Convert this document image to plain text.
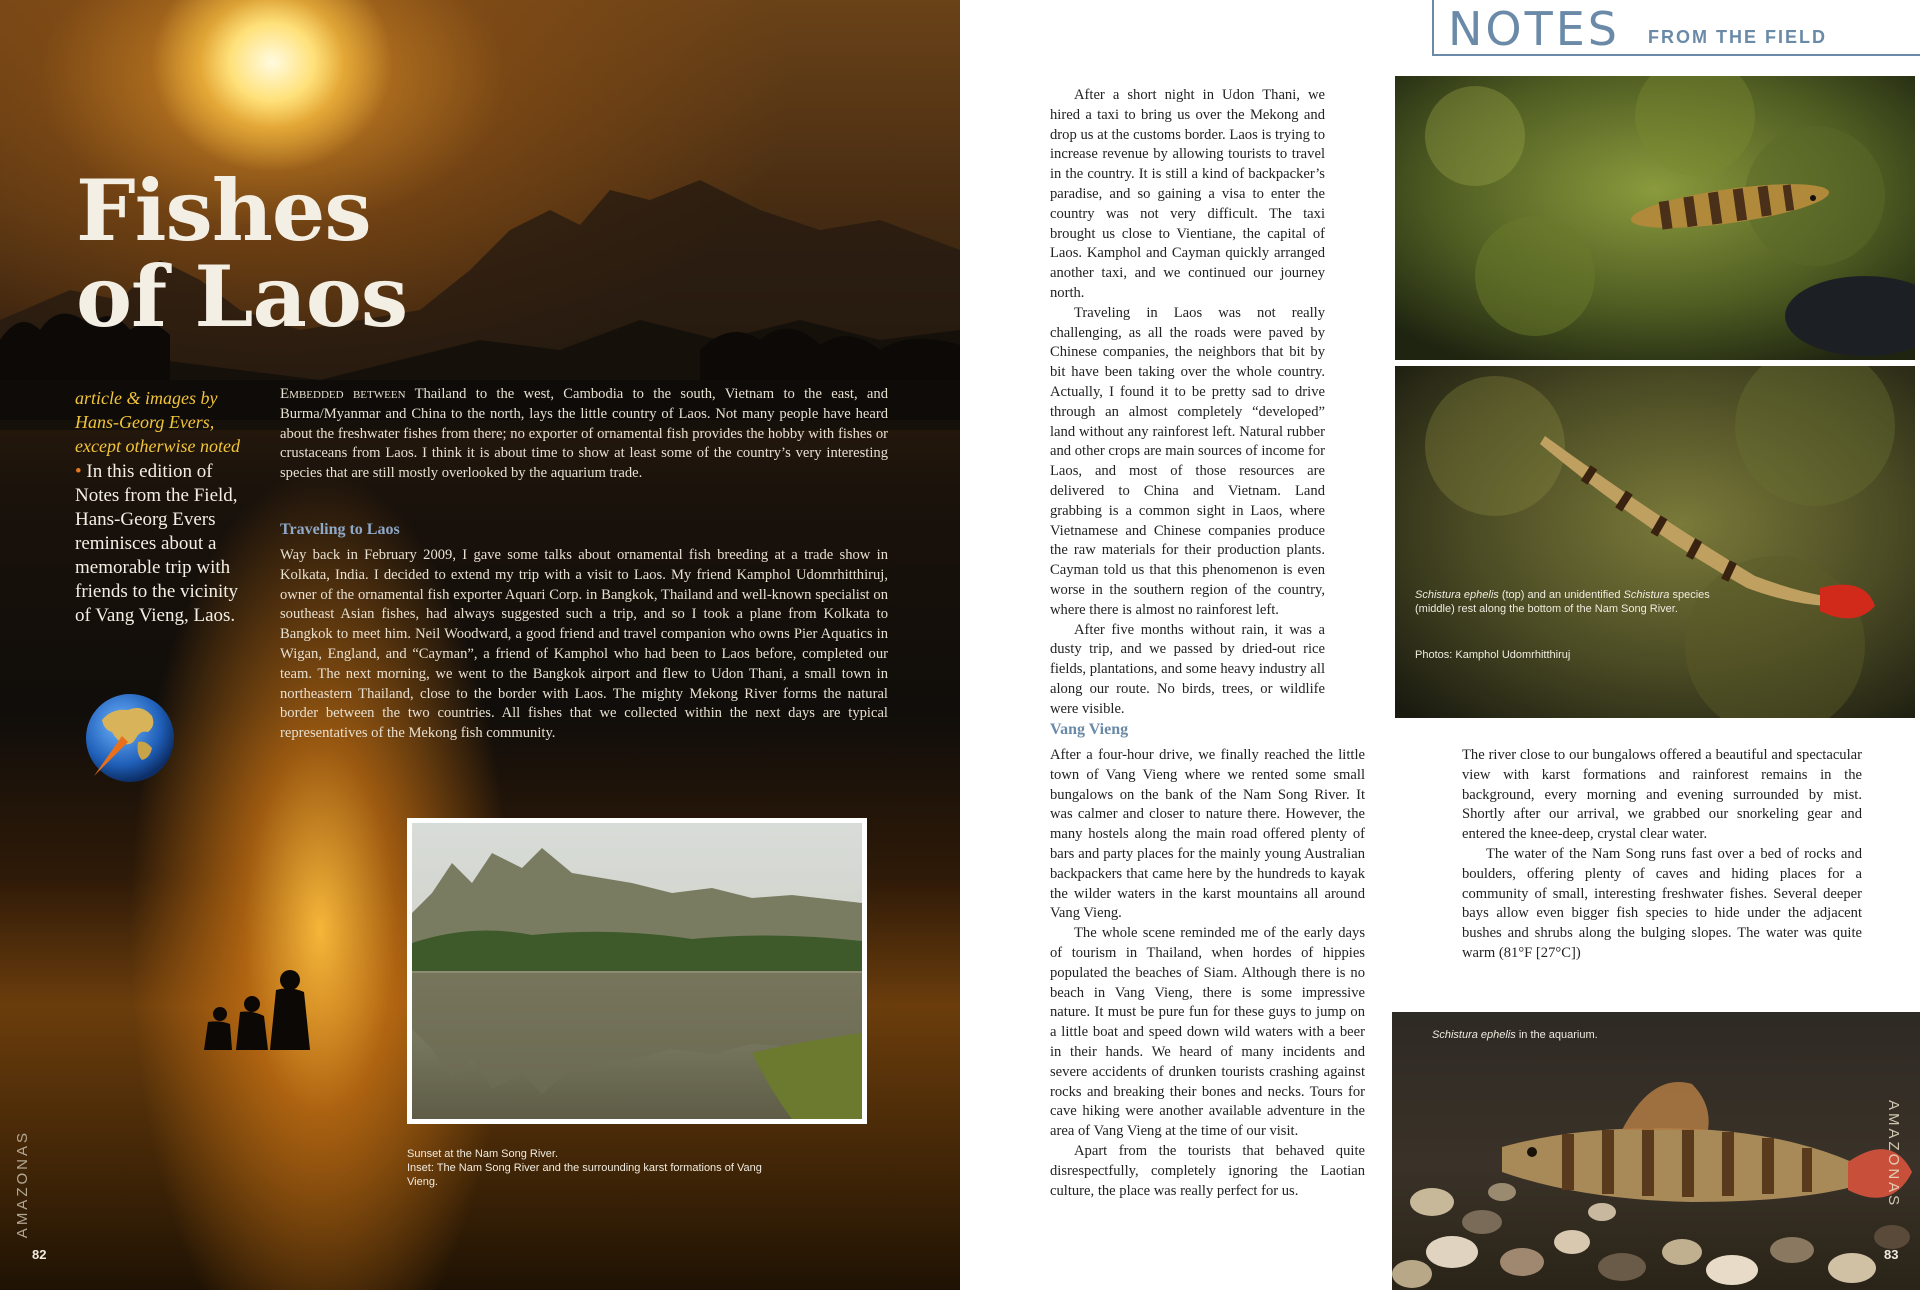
Fishes
of Laos
article & images by Hans-Georg Evers, except otherwise noted
• In this edition of Notes from the Field, Hans-Georg Evers reminisces about a memorable trip with friends to the vicinity of Vang Vieng, Laos.

Embedded between Thailand to the west, Cambodia to the south, Vietnam to the east, and Burma/Myanmar and China to the north, lays the little country of Laos. Not many people have heard about the freshwater fishes from there; no exporter of ornamental fish provides the hobby with fishes or crustaceans from Laos. I think it is about time to show at least some of the country’s very interesting species that are still mostly overlooked by the aquarium trade.

Traveling to Laos

Way back in February 2009, I gave some talks about ornamental fish breeding at a trade show in Kolkata, India. I decided to extend my trip with a visit to Laos. My friend Kamphol Udomrhitthiruj, owner of the ornamental fish exporter Aquari Corp. in Bangkok, Thailand and well-known specialist on southeast Asian fishes, had always suggested such a trip, and so I took a plane from Kolkata to Bangkok to meet him. Neil Woodward, a good friend and travel companion who owns Pier Aquatics in Wigan, England, and “Cayman”, a friend of Kamphol who had been to Laos before, completed our team. The next morning, we went to the Bangkok airport and flew to Udon Thani, a small town in northeastern Thailand, close to the border with Laos. The mighty Mekong River forms the natural border between the two countries. All fishes that we collected within the next days are typical representatives of the Mekong fish community.

Sunset at the Nam Song River.
Inset: The Nam Song River and the surrounding karst formations of Vang Vieng.
AMAZONAS
82
NOTES FROM THE FIELD

After a short night in Udon Thani, we hired a taxi to bring us over the Mekong and drop us at the customs border. Laos is trying to increase revenue by allowing tourists to travel in the country. It is still a kind of backpacker’s paradise, and so gaining a visa to enter the country was not very difficult. The taxi brought us close to Vientiane, the capital of Laos. Kamphol and Cayman quickly arranged another taxi, and we continued our journey north.

Traveling in Laos was not really challenging, as all the roads were paved by Chinese companies, the neighbors that bit by bit have been taking over the whole country. Actually, I found it to be pretty sad to drive through an almost completely “developed” land without any rainforest left. Natural rubber and other crops are main sources of income for Laos, and most of those resources are delivered to China and Vietnam. Land grabbing is a common sight in Laos, where Vietnamese and Chinese companies produce the raw materials for their production plants. Cayman told us that this phenomenon is even worse in the southern region of the country, where there is almost no rainforest left.

After five months without rain, it was a dusty trip, and we passed by dried-out rice fields, plantations, and some heavy industry all along our route. No birds, trees, or wildlife were visible.

Schistura ephelis (top) and an unidentified Schistura species (middle) rest along the bottom of the Nam Song River.
Photos: Kamphol Udomrhitthiruj
Vang Vieng

After a four-hour drive, we finally reached the little town of Vang Vieng where we rented some small bungalows on the bank of the Nam Song River. It was calmer and closer to nature there. However, the many hostels along the main road offered plenty of bars and party places for the mainly young Australian backpackers that came here by the hundreds to kayak the wilder waters in the karst mountains all around Vang Vieng.

The whole scene reminded me of the early days of tourism in Thailand, when hordes of hippies populated the beaches of Siam. Although there is no beach in Vang Vieng, there is some impressive nature. It must be pure fun for these guys to jump on a little boat and speed down wild waters with a beer in their hands. We heard of many incidents and severe accidents of drunken tourists crashing against rocks and breaking their bones and necks. Tours for cave hiking were another available adventure in the area of Vang Vieng at the time of our visit.

Apart from the tourists that behaved quite disrespectfully, completely ignoring the Laotian culture, the place was really perfect for us.

The river close to our bungalows offered a beautiful and spectacular view with karst formations and rainforest remains in the background, every morning and evening surrounded by mist. Shortly after our arrival, we grabbed our snorkeling gear and entered the knee-deep, crystal clear water.

The water of the Nam Song runs fast over a bed of rocks and boulders, offering plenty of caves and hiding places for a community of small, interesting freshwater fishes. Several deeper bays allow even bigger fish species to hide under the adjacent bushes and shrubs along the bulging slopes. The water was quite warm (81°F [27°C])

Schistura ephelis in the aquarium.
AMAZONAS
83
